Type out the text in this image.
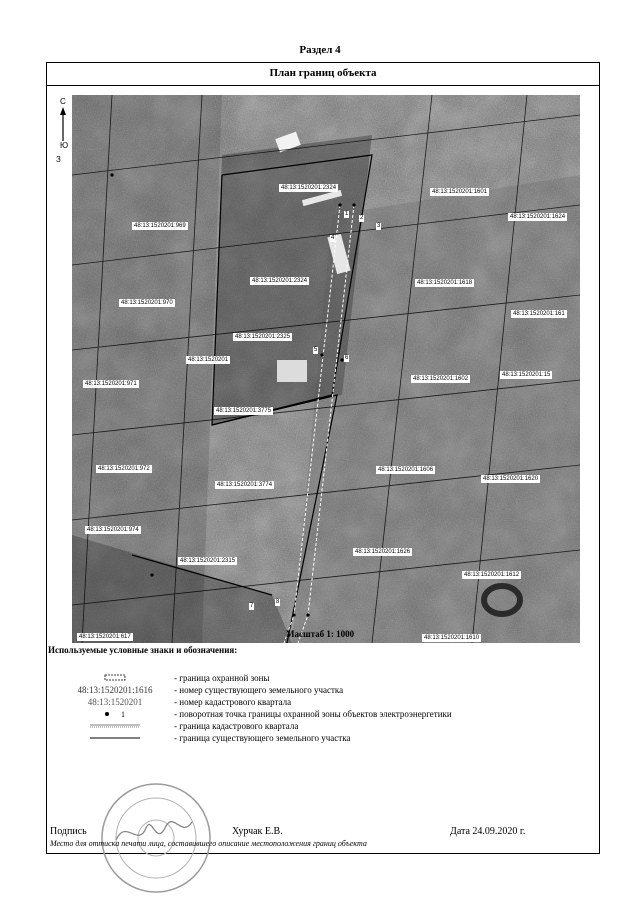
Раздел 4
План границ объекта
С
Ю
З
48:13:1520201:2324
48:13:1520201:1601
48:13:1520201:1624
48:13:1520201:969
48:13:1520201:2324	48:13:1520201:1618
48:13:1520201:970
48:13:1520201:161
48:13:1520201:2325
48:13:1520201
48:13:1520201:971
48:13:1520201:1602
48:13:1520201:15
48:13:1520201:3775
48:13:1520201:972	48:13:1520201:1606
48:13:1520201:3774
48:13:1520201:1620
48:13:1520201:974
48:13:1520201:1626
48:13:1520201:2315
48:13:1520201:1612
48:13:1520201:617	48:13:1520201:1610
1
2
3
4
5
6
7
8
Масштаб 1: 1000
Используемые условные знаки и обозначения:
- граница охранной зоны
48:13:1520201:1616	- номер существующего земельного участка
48:13:1520201	- номер кадастрового квартала
1	- поворотная точка границы охранной зоны объектов электроэнергетики
- граница кадастрового квартала
- граница существующего земельного участка
Подпись	Хурчак Е.В.	Дата 24.09.2020 г.
Место для оттиска печати лица, составившего описание местоположения границ объекта
